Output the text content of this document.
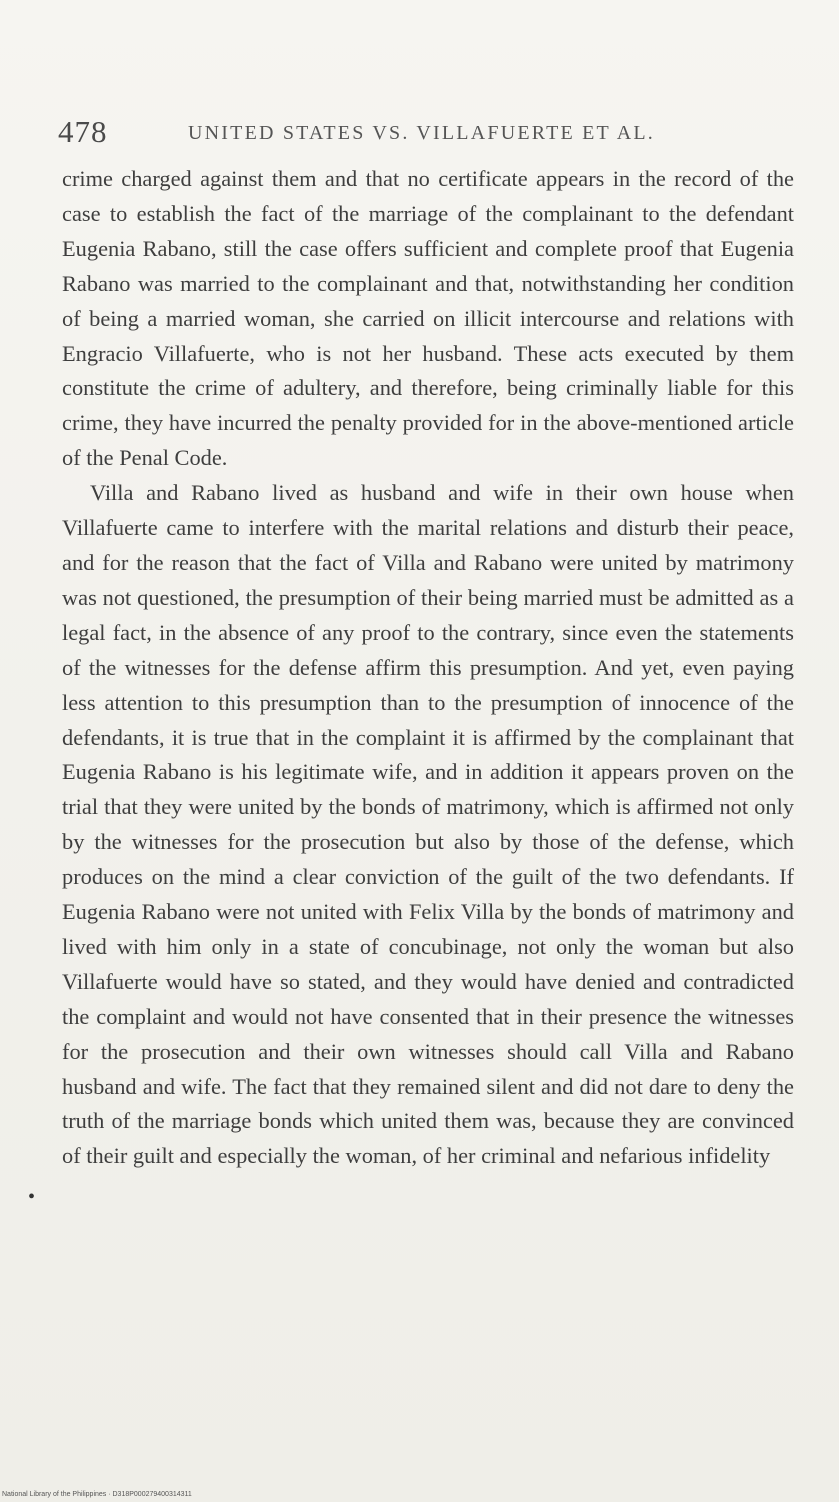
478	UNITED STATES VS. VILLAFUERTE ET AL.

crime charged against them and that no certificate appears in the record of the case to establish the fact of the marriage of the complainant to the defendant Eugenia Rabano, still the case offers sufficient and complete proof that Eugenia Rabano was married to the complainant and that, notwithstanding her condition of being a married woman, she carried on illicit intercourse and relations with Engracio Villafuerte, who is not her husband. These acts executed by them constitute the crime of adultery, and therefore, being criminally liable for this crime, they have incurred the penalty provided for in the above-mentioned article of the Penal Code.

Villa and Rabano lived as husband and wife in their own house when Villafuerte came to interfere with the marital relations and disturb their peace, and for the reason that the fact of Villa and Rabano were united by matrimony was not questioned, the presumption of their being married must be admitted as a legal fact, in the absence of any proof to the contrary, since even the statements of the witnesses for the defense affirm this presumption. And yet, even paying less attention to this presumption than to the presumption of innocence of the defendants, it is true that in the complaint it is affirmed by the complainant that Eugenia Rabano is his legitimate wife, and in addition it appears proven on the trial that they were united by the bonds of matrimony, which is affirmed not only by the witnesses for the prosecution but also by those of the defense, which produces on the mind a clear conviction of the guilt of the two defendants. If Eugenia Rabano were not united with Felix Villa by the bonds of matrimony and lived with him only in a state of concubinage, not only the woman but also Villafuerte would have so stated, and they would have denied and contradicted the complaint and would not have consented that in their presence the witnesses for the prosecution and their own witnesses should call Villa and Rabano husband and wife. The fact that they remained silent and did not dare to deny the truth of the marriage bonds which united them was, because they are convinced of their guilt and especially the woman, of her criminal and nefarious infidelity

•
National Library of the Philippines · D318P000279400314311
